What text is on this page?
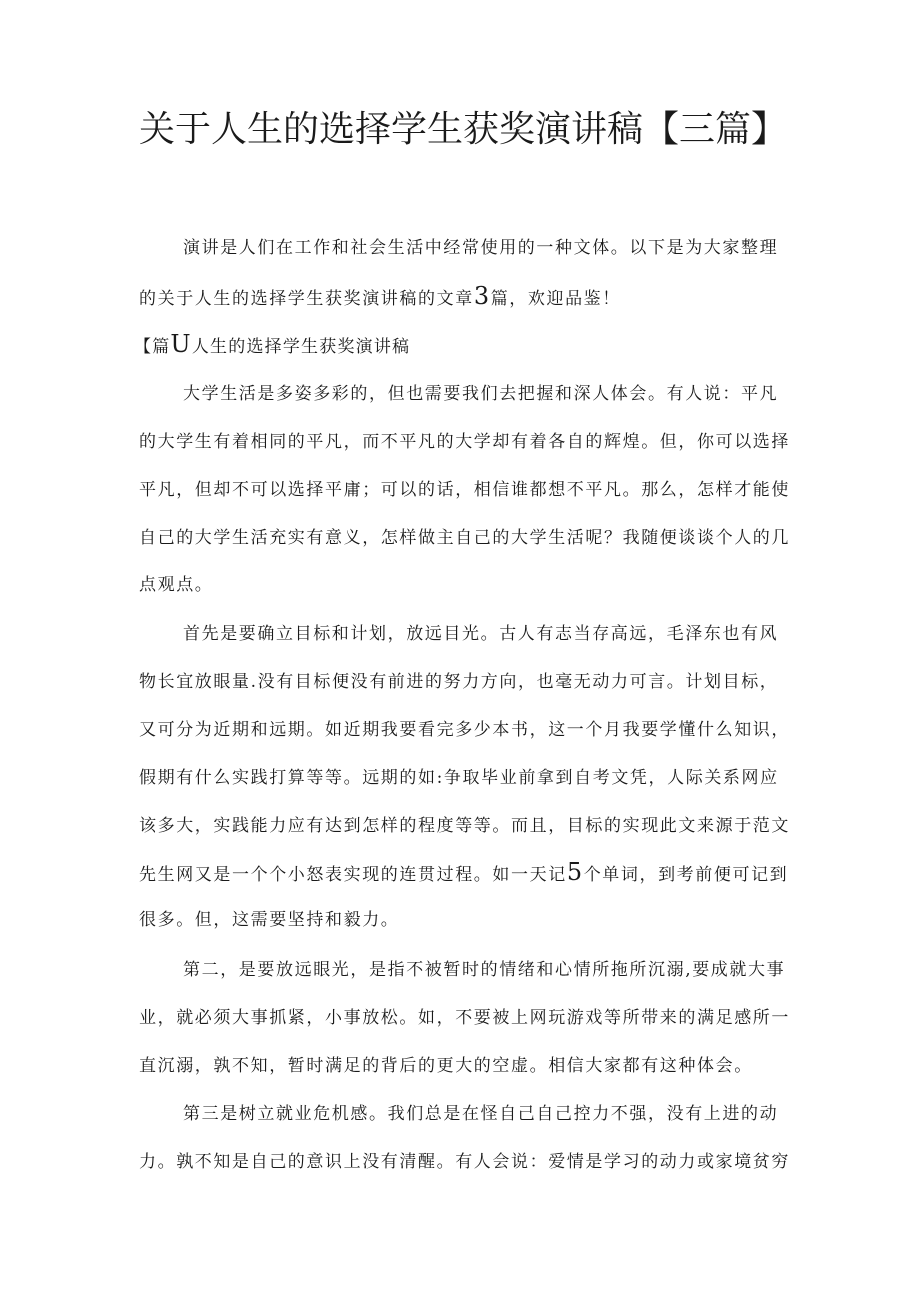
关于人生的选择学生获奖演讲稿【三篇】
演讲是人们在工作和社会生活中经常使用的一种文体。以下是为大家整理
的关于人生的选择学生获奖演讲稿的文章3篇，欢迎品鉴！
【篇U人生的选择学生获奖演讲稿
大学生活是多姿多彩的，但也需要我们去把握和深人体会。有人说：平凡
的大学生有着相同的平凡，而不平凡的大学却有着各自的辉煌。但，你可以选择
平凡，但却不可以选择平庸；可以的话，相信谁都想不平凡。那么，怎样才能使
自己的大学生活充实有意义，怎样做主自己的大学生活呢？我随便谈谈个人的几
点观点。
首先是要确立目标和计划，放远目光。古人有志当存高远，毛泽东也有风
物长宜放眼量.没有目标便没有前进的努力方向，也毫无动力可言。计划目标，
又可分为近期和远期。如近期我要看完多少本书，这一个月我要学懂什么知识，
假期有什么实践打算等等。远期的如:争取毕业前拿到自考文凭，人际关系网应
该多大，实践能力应有达到怎样的程度等等。而且，目标的实现此文来源于范文
先生网又是一个个小怒表实现的连贯过程。如一天记5个单词，到考前便可记到
很多。但，这需要坚持和毅力。
第二，是要放远眼光，是指不被暂时的情绪和心情所拖所沉溺,要成就大事
业，就必须大事抓紧，小事放松。如，不要被上网玩游戏等所带来的满足感所一
直沉溺，孰不知，暂时满足的背后的更大的空虚。相信大家都有这种体会。
第三是树立就业危机感。我们总是在怪自己自己控力不强，没有上进的动
力。孰不知是自己的意识上没有清醒。有人会说：爱情是学习的动力或家境贫穷
